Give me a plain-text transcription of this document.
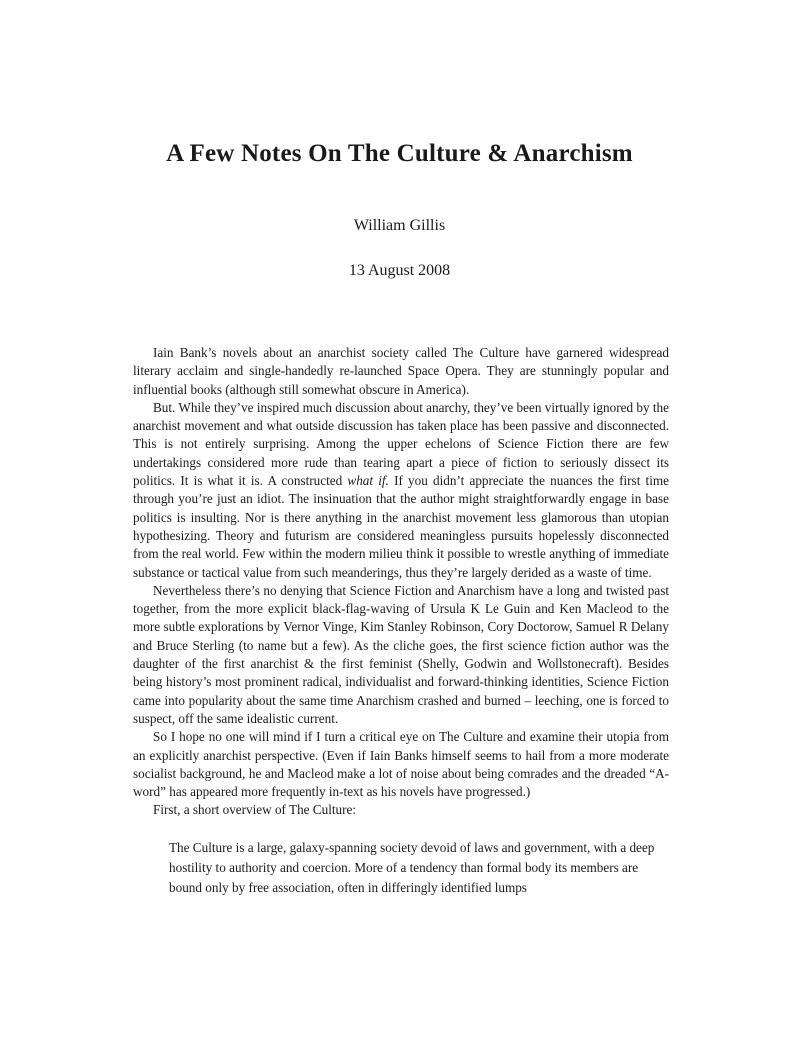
A Few Notes On The Culture & Anarchism
William Gillis
13 August 2008

Iain Bank’s novels about an anarchist society called The Culture have garnered widespread literary acclaim and single-handedly re-launched Space Opera. They are stunningly popular and influential books (although still somewhat obscure in America).

But. While they’ve inspired much discussion about anarchy, they’ve been virtually ignored by the anarchist movement and what outside discussion has taken place has been passive and disconnected. This is not entirely surprising. Among the upper echelons of Science Fiction there are few undertakings considered more rude than tearing apart a piece of fiction to seriously dissect its politics. It is what it is. A constructed what if. If you didn’t appreciate the nuances the first time through you’re just an idiot. The insinuation that the author might straightforwardly engage in base politics is insulting. Nor is there anything in the anarchist movement less glamorous than utopian hypothesizing. Theory and futurism are considered meaningless pursuits hopelessly disconnected from the real world. Few within the modern milieu think it possible to wrestle anything of immediate substance or tactical value from such meanderings, thus they’re largely derided as a waste of time.

Nevertheless there’s no denying that Science Fiction and Anarchism have a long and twisted past together, from the more explicit black-flag-waving of Ursula K Le Guin and Ken Macleod to the more subtle explorations by Vernor Vinge, Kim Stanley Robinson, Cory Doctorow, Samuel R Delany and Bruce Sterling (to name but a few). As the cliche goes, the first science fiction author was the daughter of the first anarchist & the first feminist (Shelly, Godwin and Wollstonecraft). Besides being history’s most prominent radical, individualist and forward-thinking identities, Science Fiction came into popularity about the same time Anarchism crashed and burned – leeching, one is forced to suspect, off the same idealistic current.

So I hope no one will mind if I turn a critical eye on The Culture and examine their utopia from an explicitly anarchist perspective. (Even if Iain Banks himself seems to hail from a more moderate socialist background, he and Macleod make a lot of noise about being comrades and the dreaded “A-word” has appeared more frequently in-text as his novels have progressed.)

First, a short overview of The Culture:

The Culture is a large, galaxy-spanning society devoid of laws and government, with a deep hostility to authority and coercion. More of a tendency than formal body its members are bound only by free association, often in differingly identified lumps
